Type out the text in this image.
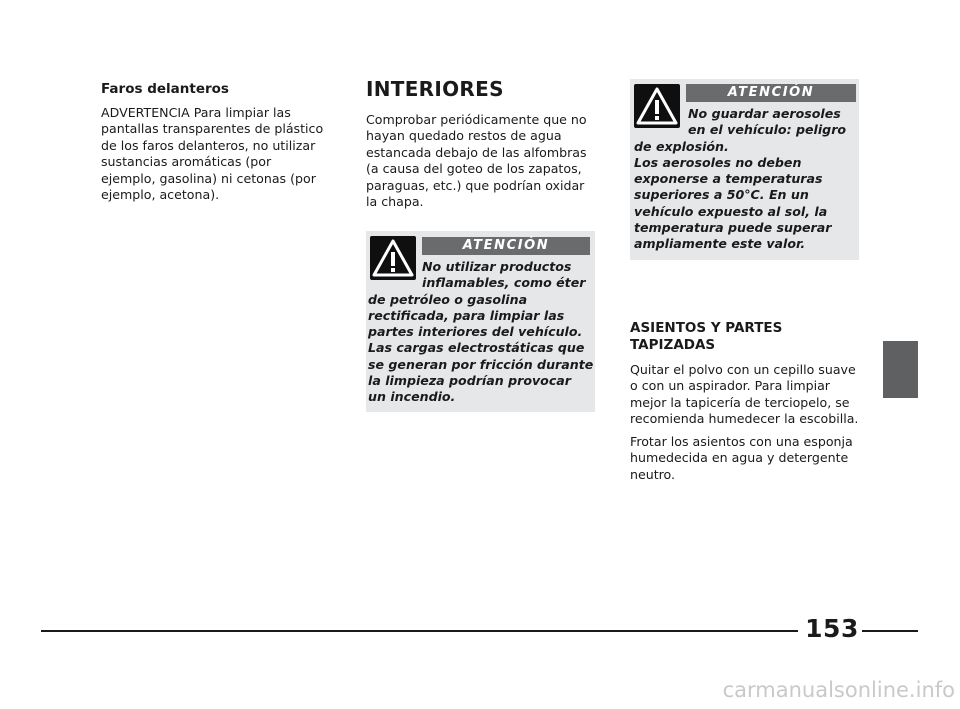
Faros delanteros

ADVERTENCIA Para limpiar las pantallas transparentes de plástico de los faros delanteros, no utilizar sustancias aromáticas (por ejemplo, gasolina) ni cetonas (por ejemplo, acetona).

INTERIORES

Comprobar periódicamente que no hayan quedado restos de agua estancada debajo de las alfombras (a causa del goteo de los zapatos, paraguas, etc.) que podrían oxidar la chapa.

ATENCIÓN

No utilizar productos
inflamables, como éter
de petróleo o gasolina
rectificada, para limpiar las
partes interiores del vehículo.
Las cargas electrostáticas que
se generan por fricción durante
la limpieza podrían provocar
un incendio.

ATENCIÓN

No guardar aerosoles
en el vehículo: peligro
de explosión.
Los aerosoles no deben
exponerse a temperaturas
superiores a 50°C. En un
vehículo expuesto al sol, la
temperatura puede superar
ampliamente este valor.

ASIENTOS Y PARTES TAPIZADAS

Quitar el polvo con un cepillo suave o con un aspirador. Para limpiar mejor la tapicería de terciopelo, se recomienda humedecer la escobilla.

Frotar los asientos con una esponja humedecida en agua y detergente neutro.

153
carmanualsonline.info
